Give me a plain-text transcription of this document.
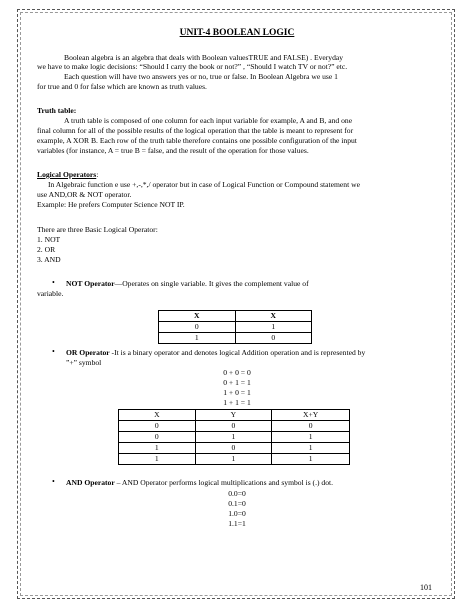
UNIT-4 BOOLEAN LOGIC
Boolean algebra is an algebra that deals with Boolean valuesTRUE and FALSE) . Everyday
we have to make logic decisions: “Should I carry the book or not?” , “Should I watch TV or not?” etc.
Each question will have two answers yes or no, true or false. In Boolean Algebra we use 1
for true and 0 for false which are known as truth values.
Truth table:
A truth table is composed of one column for each input variable for example, A and B, and one
final column for all of the possible results of the logical operation that the table is meant to represent for
example, A XOR B. Each row of the truth table therefore contains one possible configuration of the input
variables (for instance, A = true B = false, and the result of the operation for those values.
Logical Operators:
In Algebraic function e use +,-,*,/ operator but in case of Logical Function or Compound statement we
use AND,OR & NOT operator.
Example: He prefers Computer Science NOT IP.
There are three Basic Logical Operator:
1. NOT
2. OR
3. AND
• NOT Operator—Operates on single variable. It gives the complement value of
variable.
X	$\overline{X}$
0	1
1	0
• OR Operator -It is a binary operator and denotes logical Addition operation and is represented by
”+” symbol
0 + 0 = 0
0 + 1 = 1
1 + 0 = 1
1 + 1 = 1
X	Y	X+Y
0	0	0
0	1	1
1	0	1
1	1	1
• AND Operator – AND Operator performs logical multiplications and symbol is (.) dot.
0.0=0
0.1=0
1.0=0
1.1=1
101
